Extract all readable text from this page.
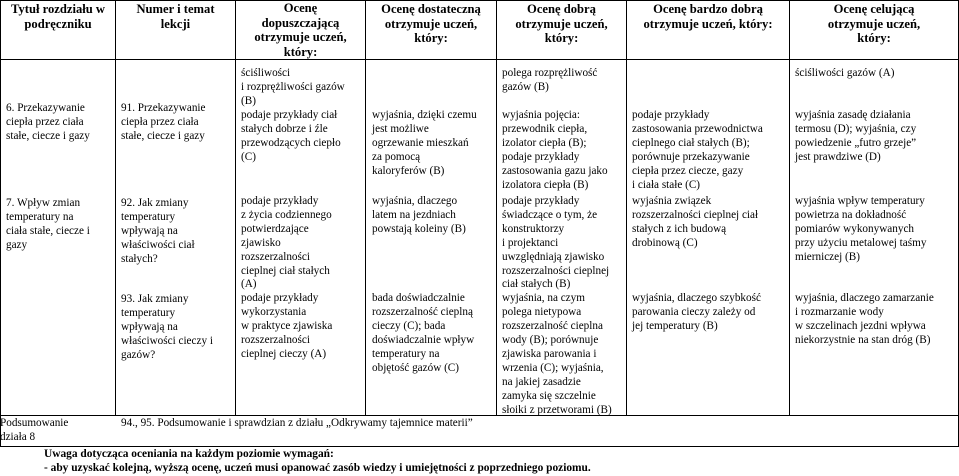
Tytuł rozdziału w
podręczniku
Numer i temat
lekcji
Ocenę
dopuszczającą
otrzymuje uczeń,
który:
Ocenę dostateczną
otrzymuje uczeń,
który:
Ocenę dobrą
otrzymuje uczeń,
który:
Ocenę bardzo dobrą
otrzymuje uczeń, który:
Ocenę celującą
otrzymuje uczeń,
który:
6. Przekazywanie
ciepła przez ciała
stałe, ciecze i gazy
7. Wpływ zmian
temperatury na
ciała stałe, ciecze i
gazy
91. Przekazywanie
ciepła przez ciała
stałe, ciecze i gazy
92. Jak zmiany
temperatury
wpływają na
właściwości ciał
stałych?
93. Jak zmiany
temperatury
wpływają na
właściwości cieczy i
gazów?
ściśliwości
i rozprężliwości gazów
(B)
podaje przykłady ciał
stałych dobrze i źle
przewodzących ciepło
(C)
podaje przykłady
z życia codziennego
potwierdzające
zjawisko
rozszerzalności
cieplnej ciał stałych
(A)
podaje przykłady
wykorzystania
w praktyce zjawiska
rozszerzalności
cieplnej cieczy (A)
wyjaśnia, dzięki czemu
jest możliwe
ogrzewanie mieszkań
za pomocą
kaloryferów (B)
wyjaśnia, dlaczego
latem na jezdniach
powstają koleiny (B)
bada doświadczalnie
rozszerzalność cieplną
cieczy (C); bada
doświadczalnie wpływ
temperatury na
objętość gazów (C)
polega rozprężliwość
gazów (B)
wyjaśnia pojęcia:
przewodnik ciepła,
izolator ciepła (B);
podaje przykłady
zastosowania gazu jako
izolatora ciepła (B)
podaje przykłady
świadczące o tym, że
konstruktorzy
i projektanci
uwzględniają zjawisko
rozszerzalności cieplnej
ciał stałych (B)
wyjaśnia, na czym
polega nietypowa
rozszerzalność cieplna
wody (B); porównuje
zjawiska parowania i
wrzenia (C); wyjaśnia,
na jakiej zasadzie
zamyka się szczelnie
słoiki z przetworami (B)
podaje przykłady
zastosowania przewodnictwa
cieplnego ciał stałych (B);
porównuje przekazywanie
ciepła przez ciecze, gazy
i ciała stałe (C)
wyjaśnia związek
rozszerzalności cieplnej ciał
stałych z ich budową
drobinową (C)
wyjaśnia, dlaczego szybkość
parowania cieczy zależy od
jej temperatury (B)
ściśliwości gazów (A)
wyjaśnia zasadę działania
termosu (D); wyjaśnia, czy
powiedzenie „futro grzeje”
jest prawdziwe (D)
wyjaśnia wpływ temperatury
powietrza na dokładność
pomiarów wykonywanych
przy użyciu metalowej taśmy
mierniczej (B)
wyjaśnia, dlaczego zamarzanie
i rozmarzanie wody
w szczelinach jezdni wpływa
niekorzystnie na stan dróg (B)
Podsumowanie
działa 8
94., 95. Podsumowanie i sprawdzian z działu „Odkrywamy tajemnice materii”
Uwaga dotycząca oceniania na każdym poziomie wymagań:
- aby uzyskać kolejną, wyższą ocenę, uczeń musi opanować zasób wiedzy i umiejętności z poprzedniego poziomu.
